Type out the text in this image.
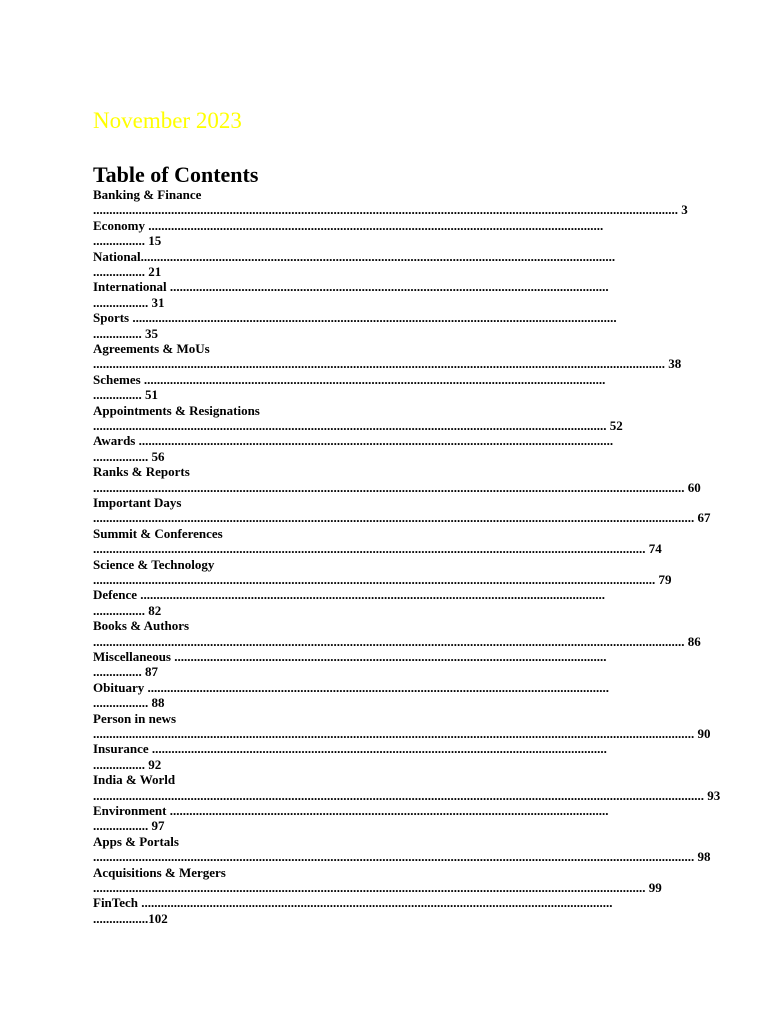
November 2023
Table of Contents
Banking & Finance
.................................................................................................................................................................................... 3
Economy ............................................................................................................................................
................ 15
National..................................................................................................................................................
................ 21
International .......................................................................................................................................
................. 31
Sports .....................................................................................................................................................
............... 35
Agreements & MoUs
................................................................................................................................................................................ 38
Schemes ..............................................................................................................................................
............... 51
Appointments & Resignations
.............................................................................................................................................................. 52
Awards ..................................................................................................................................................
................. 56
Ranks & Reports
...................................................................................................................................................................................... 60
Important Days
......................................................................................................................................................................................... 67
Summit & Conferences
.......................................................................................................................................................................... 74
Science & Technology
............................................................................................................................................................................. 79
Defence ...............................................................................................................................................
................ 82
Books & Authors
...................................................................................................................................................................................... 86
Miscellaneous .....................................................................................................................................
............... 87
Obituary ..............................................................................................................................................
................. 88
Person in news
......................................................................................................................................................................................... 90
Insurance ............................................................................................................................................
................ 92
India & World
............................................................................................................................................................................................ 93
Environment .......................................................................................................................................
................. 97
Apps & Portals
......................................................................................................................................................................................... 98
Acquisitions & Mergers
.......................................................................................................................................................................... 99
FinTech .................................................................................................................................................
.................102
